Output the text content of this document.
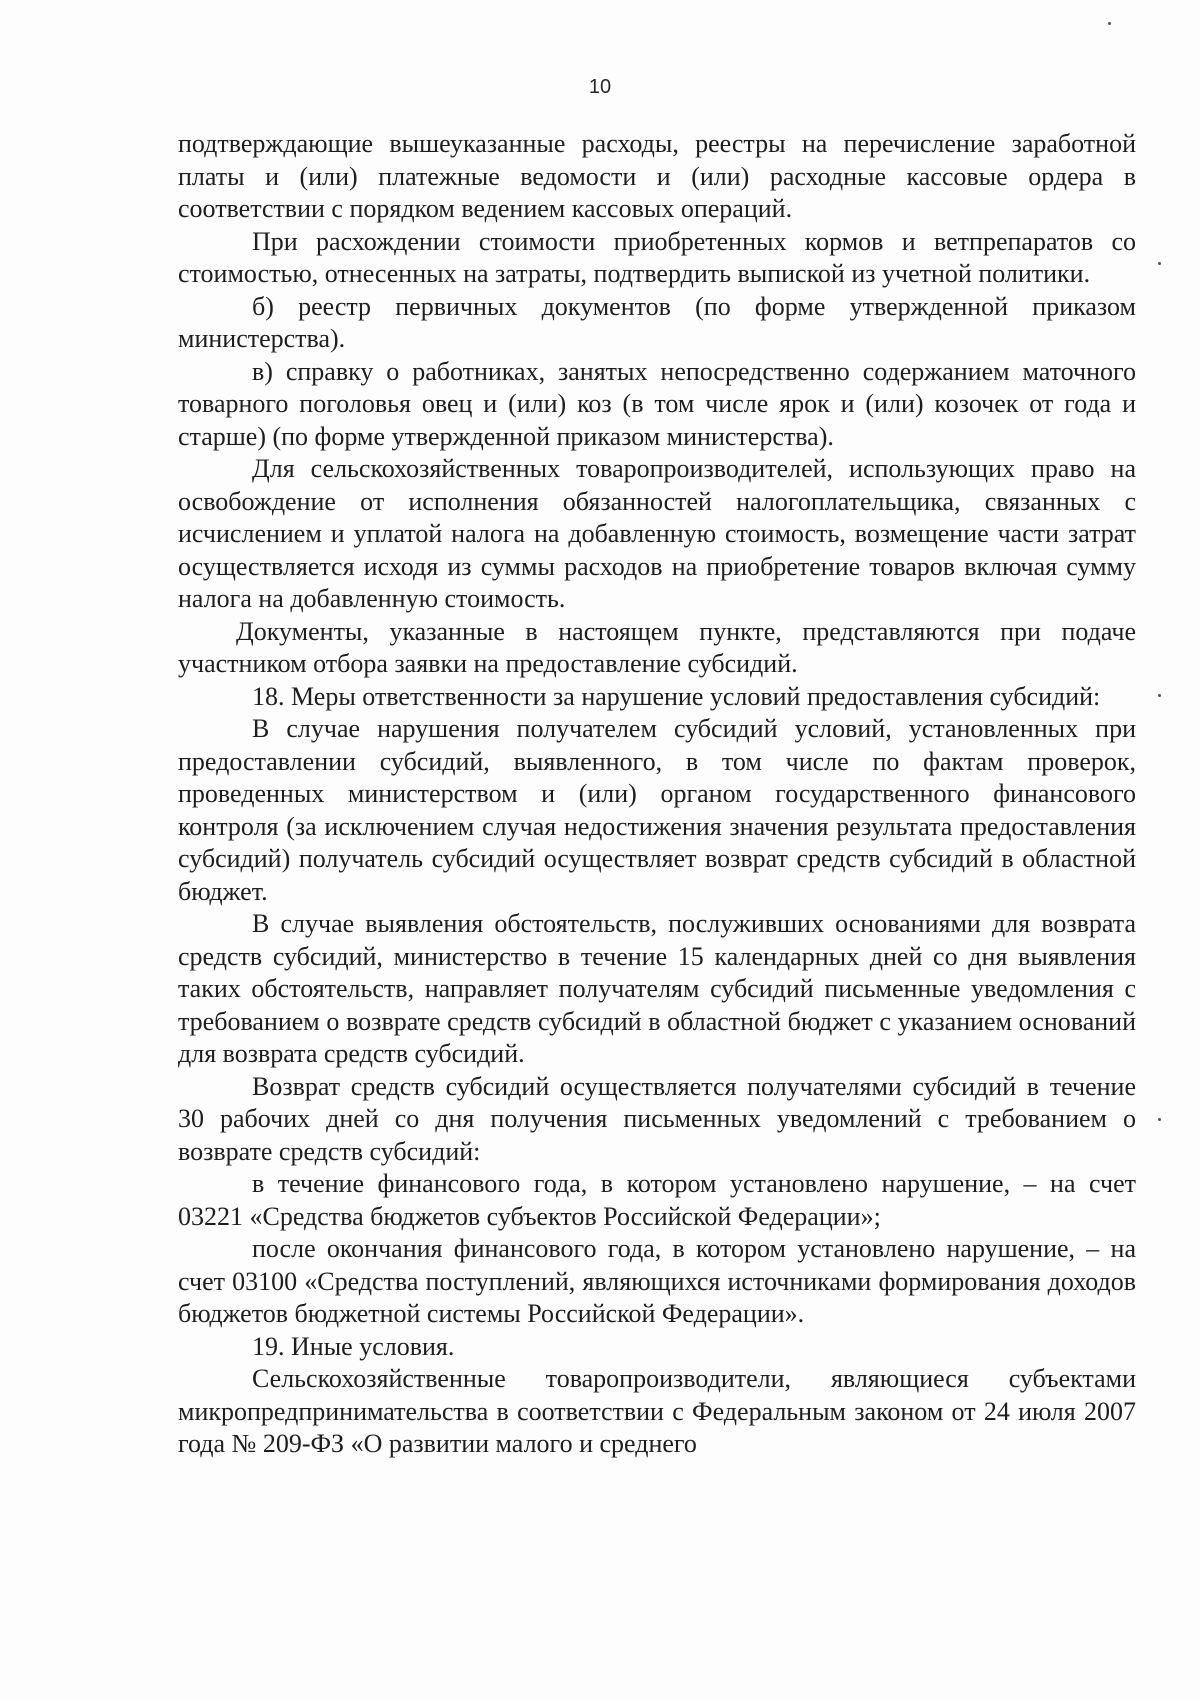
10

подтверждающие вышеуказанные расходы, реестры на перечисление заработной платы и (или) платежные ведомости и (или) расходные кассовые ордера в соответствии с порядком ведением кассовых операций.

При расхождении стоимости приобретенных кормов и ветпрепаратов со стоимостью, отнесенных на затраты, подтвердить выпиской из учетной политики.

б) реестр первичных документов (по форме утвержденной приказом министерства).

в) справку о работниках, занятых непосредственно содержанием маточного товарного поголовья овец и (или) коз (в том числе ярок и (или) козочек от года и старше) (по форме утвержденной приказом министерства).

Для сельскохозяйственных товаропроизводителей, использующих право на освобождение от исполнения обязанностей налогоплательщика, связанных с исчислением и уплатой налога на добавленную стоимость, возмещение части затрат осуществляется исходя из суммы расходов на приобретение товаров включая сумму налога на добавленную стоимость.

Документы, указанные в настоящем пункте, представляются при подаче участником отбора заявки на предоставление субсидий.

18. Меры ответственности за нарушение условий предоставления субсидий:

В случае нарушения получателем субсидий условий, установленных при предоставлении субсидий, выявленного, в том числе по фактам проверок, проведенных министерством и (или) органом государственного финансового контроля (за исключением случая недостижения значения результата предоставления субсидий) получатель субсидий осуществляет возврат средств субсидий в областной бюджет.

В случае выявления обстоятельств, послуживших основаниями для возврата средств субсидий, министерство в течение 15 календарных дней со дня выявления таких обстоятельств, направляет получателям субсидий письменные уведомления с требованием о возврате средств субсидий в областной бюджет с указанием оснований для возврата средств субсидий.

Возврат средств субсидий осуществляется получателями субсидий в течение 30 рабочих дней со дня получения письменных уведомлений с требованием о возврате средств субсидий:

в течение финансового года, в котором установлено нарушение, – на счет 03221 «Средства бюджетов субъектов Российской Федерации»;

после окончания финансового года, в котором установлено нарушение, – на счет 03100 «Средства поступлений, являющихся источниками формирования доходов бюджетов бюджетной системы Российской Федерации».

19. Иные условия.

Сельскохозяйственные товаропроизводители, являющиеся субъектами микропредпринимательства в соответствии с Федеральным законом от 24 июля 2007 года № 209-ФЗ «О развитии малого и среднего
